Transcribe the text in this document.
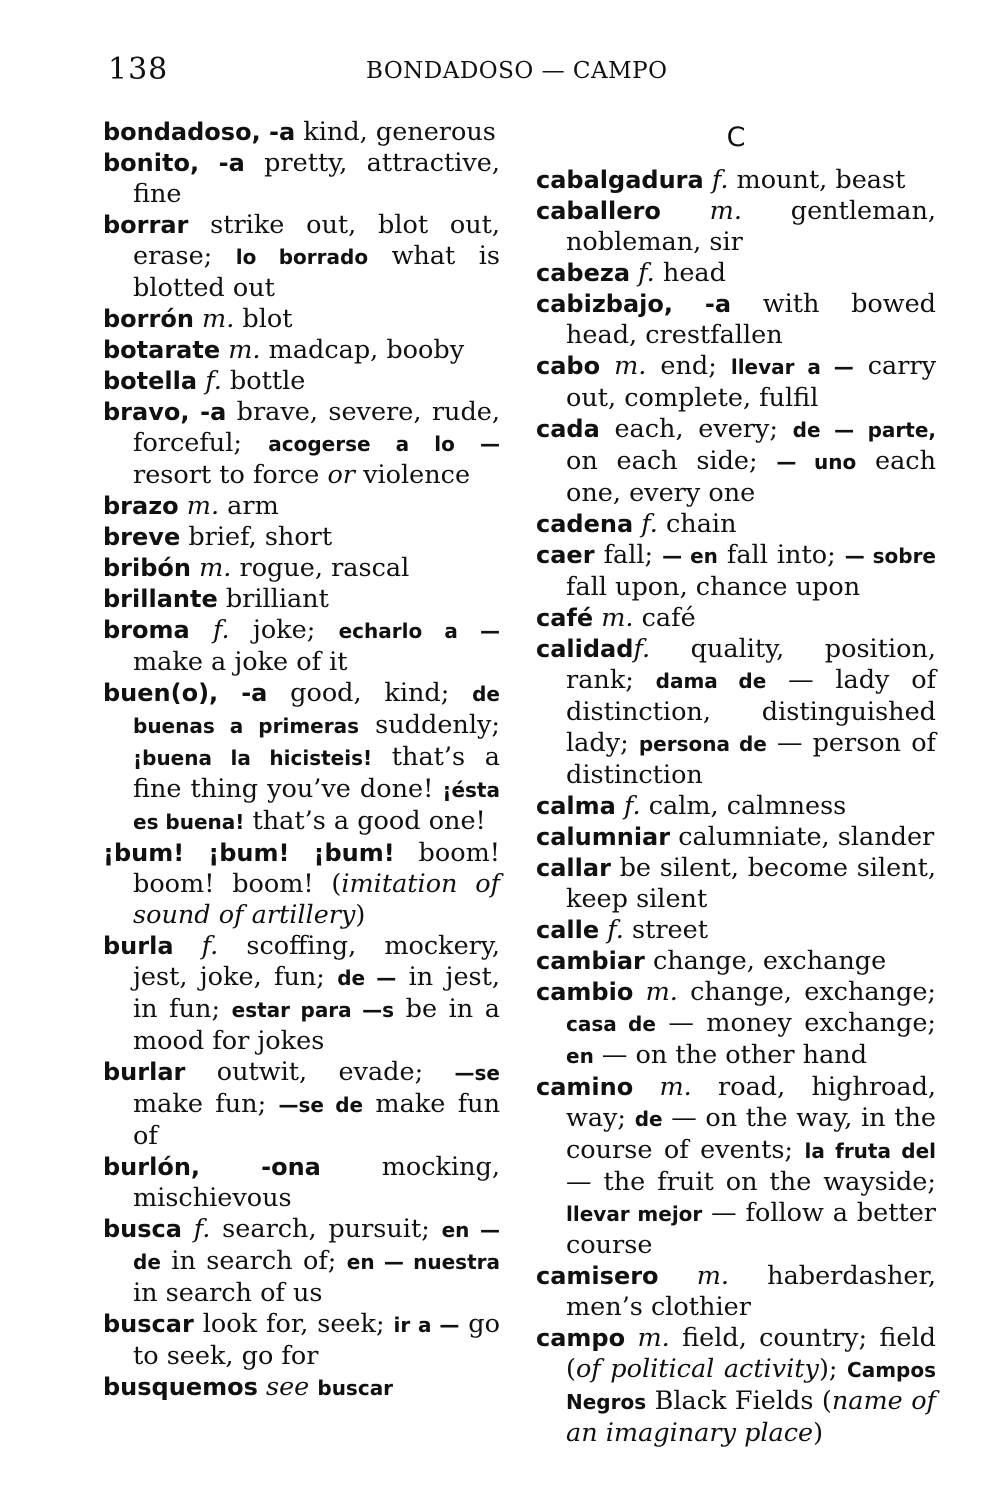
138	BONDADOSO — CAMPO

bondadoso, -a kind, generous

bonito, -a pretty, attractive, fine

borrar strike out, blot out, erase; lo borrado what is blotted out

borrón m. blot

botarate m. madcap, booby

botella f. bottle

bravo, -a brave, severe, rude, forceful; acogerse a lo — resort to force or violence

brazo m. arm

breve brief, short

bribón m. rogue, rascal

brillante brilliant

broma f. joke; echarlo a — make a joke of it

buen(o), -a good, kind; de buenas a primeras suddenly; ¡buena la hicisteis! that’s a fine thing you’ve done! ¡ésta es buena! that’s a good one!

¡bum! ¡bum! ¡bum! boom! boom! boom! (imitation of sound of artillery)

burla f. scoffing, mockery, jest, joke, fun; de — in jest, in fun; estar para —s be in a mood for jokes

burlar outwit, evade; —se make fun; —se de make fun of

burlón, -ona mocking, mischievous

busca f. search, pursuit; en — de in search of; en — nuestra in search of us

buscar look for, seek; ir a — go to seek, go for

busquemos see buscar

C

cabalgadura f. mount, beast

caballero m. gentleman, nobleman, sir

cabeza f. head

cabizbajo, -a with bowed head, crestfallen

cabo m. end; llevar a — carry out, complete, fulfil

cada each, every; de — parte, on each side; — uno each one, every one

cadena f. chain

caer fall; — en fall into; — sobre fall upon, chance upon

café m. café

calidadf. quality, position, rank; dama de — lady of distinction, distinguished lady; persona de — person of distinction

calma f. calm, calmness

calumniar calumniate, slander

callar be silent, become silent, keep silent

calle f. street

cambiar change, exchange

cambio m. change, exchange; casa de — money exchange; en — on the other hand

camino m. road, highroad, way; de — on the way, in the course of events; la fruta del — the fruit on the wayside; llevar mejor — follow a better course

camisero m. haberdasher, men’s clothier

campo m. field, country; field (of political activity); Campos Negros Black Fields (name of an imaginary place)
